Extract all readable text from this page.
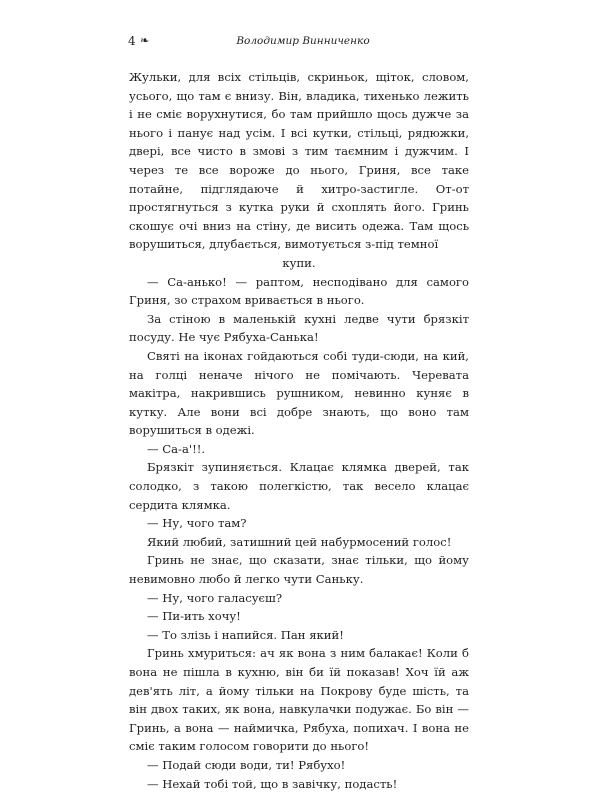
4 ❧	Володимир Винниченко

Жульки, для всіх стільців, скриньок, щіток, словом, усього, що там є внизу. Він, владика, тихенько лежить і не сміє ворухнутися, бо там прийшло щось дужче за нього і панує над усім. І всі кутки, стільці, рядюжки, двері, все чисто в змові з тим таємним і дужчим. І через те все вороже до нього, Гриня, все таке потайне, підглядаюче й хитро-застигле. От-от простягнуться з кутка руки й схоплять його. Гринь скошує очі вниз на стіну, де висить одежа. Там щось ворушиться, длубається, вимотується з-під темної

купи.

— Са-анько! — раптом, несподівано для самого Гриня, зо страхом вривається в нього.

За стіною в маленькій кухні ледве чути брязкіт посуду. Не чує Рябуха-Санька!

Святі на іконах гойдаються собі туди-сюди, на кий, на голці неначе нічого не помічають. Черевата макітра, накрившись рушником, невинно куняє в кутку. Але вони всі добре знають, що воно там ворушиться в одежі.

— Са-а'!!.

Брязкіт зупиняється. Клацає клямка дверей, так солодко, з такою полегкістю, так весело клацає сердита клямка.

— Ну, чого там?

Який любий, затишний цей набурмосений голос!

Гринь не знає, що сказати, знає тільки, що йому невимовно любо й легко чути Саньку.

— Ну, чого галасуєш?

— Пи-ить хочу!

— То злізь і напийся. Пан який!

Гринь хмуриться: ач як вона з ним балакає! Коли б вона не пішла в кухню, він би їй показав! Хоч їй аж дев'ять літ, а йому тільки на Покрову буде шість, та він двох таких, як вона, навкулачки подужає. Бо він — Гринь, а вона — наймичка, Рябуха, попихач. І вона не сміє таким голосом говорити до нього!

— Подай сюди води, ти! Рябухо!

— Нехай тобі той, що в завічку, подасть!
